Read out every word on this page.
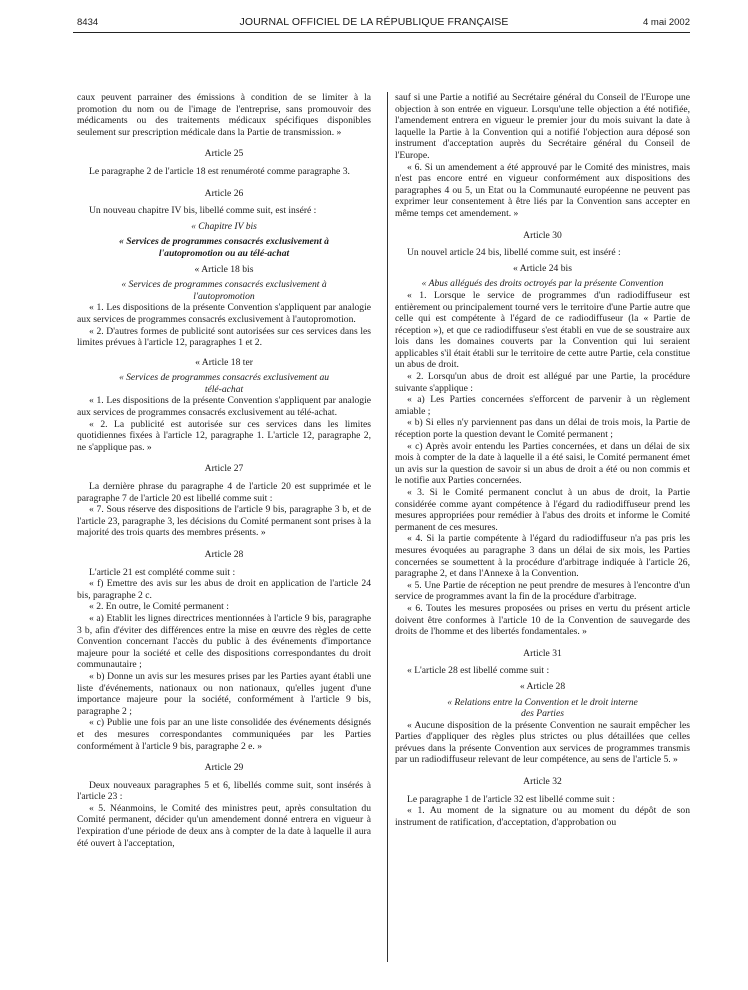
8434	JOURNAL OFFICIEL DE LA RÉPUBLIQUE FRANÇAISE	4 mai 2002

caux peuvent parrainer des émissions à condition de se limiter à la promotion du nom ou de l'image de l'entreprise, sans promouvoir des médicaments ou des traitements médicaux spécifiques disponibles seulement sur prescription médicale dans la Partie de transmission. »

Article 25

Le paragraphe 2 de l'article 18 est renuméroté comme paragraphe 3.

Article 26

Un nouveau chapitre IV bis, libellé comme suit, est inséré :

« Chapitre IV bis
« Services de programmes consacrés exclusivement à l'autopromotion ou au télé-achat
« Article 18 bis
« Services de programmes consacrés exclusivement à l'autopromotion

« 1. Les dispositions de la présente Convention s'appliquent par analogie aux services de programmes consacrés exclusivement à l'autopromotion.

« 2. D'autres formes de publicité sont autorisées sur ces services dans les limites prévues à l'article 12, paragraphes 1 et 2.

« Article 18 ter
« Services de programmes consacrés exclusivement au télé-achat

« 1. Les dispositions de la présente Convention s'appliquent par analogie aux services de programmes consacrés exclusivement au télé-achat.

« 2. La publicité est autorisée sur ces services dans les limites quotidiennes fixées à l'article 12, paragraphe 1. L'article 12, paragraphe 2, ne s'applique pas. »

Article 27

La dernière phrase du paragraphe 4 de l'article 20 est supprimée et le paragraphe 7 de l'article 20 est libellé comme suit :

« 7. Sous réserve des dispositions de l'article 9 bis, paragraphe 3 b, et de l'article 23, paragraphe 3, les décisions du Comité permanent sont prises à la majorité des trois quarts des membres présents. »

Article 28

L'article 21 est complété comme suit :

« f) Emettre des avis sur les abus de droit en application de l'article 24 bis, paragraphe 2 c.

« 2. En outre, le Comité permanent :

« a) Etablit les lignes directrices mentionnées à l'article 9 bis, paragraphe 3 b, afin d'éviter des différences entre la mise en œuvre des règles de cette Convention concernant l'accès du public à des événements d'importance majeure pour la société et celle des dispositions correspondantes du droit communautaire ;

« b) Donne un avis sur les mesures prises par les Parties ayant établi une liste d'événements, nationaux ou non nationaux, qu'elles jugent d'une importance majeure pour la société, conformément à l'article 9 bis, paragraphe 2 ;

« c) Publie une fois par an une liste consolidée des événements désignés et des mesures correspondantes communiquées par les Parties conformément à l'article 9 bis, paragraphe 2 e. »

Article 29

Deux nouveaux paragraphes 5 et 6, libellés comme suit, sont insérés à l'article 23 :

« 5. Néanmoins, le Comité des ministres peut, après consultation du Comité permanent, décider qu'un amendement donné entrera en vigueur à l'expiration d'une période de deux ans à compter de la date à laquelle il aura été ouvert à l'acceptation,

sauf si une Partie a notifié au Secrétaire général du Conseil de l'Europe une objection à son entrée en vigueur. Lorsqu'une telle objection a été notifiée, l'amendement entrera en vigueur le premier jour du mois suivant la date à laquelle la Partie à la Convention qui a notifié l'objection aura déposé son instrument d'acceptation auprès du Secrétaire général du Conseil de l'Europe.

« 6. Si un amendement a été approuvé par le Comité des ministres, mais n'est pas encore entré en vigueur conformément aux dispositions des paragraphes 4 ou 5, un Etat ou la Communauté européenne ne peuvent pas exprimer leur consentement à être liés par la Convention sans accepter en même temps cet amendement. »

Article 30

Un nouvel article 24 bis, libellé comme suit, est inséré :

« Article 24 bis
« Abus allégués des droits octroyés par la présente Convention

« 1. Lorsque le service de programmes d'un radiodiffuseur est entièrement ou principalement tourné vers le territoire d'une Partie autre que celle qui est compétente à l'égard de ce radiodiffuseur (la « Partie de réception »), et que ce radiodiffuseur s'est établi en vue de se soustraire aux lois dans les domaines couverts par la Convention qui lui seraient applicables s'il était établi sur le territoire de cette autre Partie, cela constitue un abus de droit.

« 2. Lorsqu'un abus de droit est allégué par une Partie, la procédure suivante s'applique :

« a) Les Parties concernées s'efforcent de parvenir à un règlement amiable ;

« b) Si elles n'y parviennent pas dans un délai de trois mois, la Partie de réception porte la question devant le Comité permanent ;

« c) Après avoir entendu les Parties concernées, et dans un délai de six mois à compter de la date à laquelle il a été saisi, le Comité permanent émet un avis sur la question de savoir si un abus de droit a été ou non commis et le notifie aux Parties concernées.

« 3. Si le Comité permanent conclut à un abus de droit, la Partie considérée comme ayant compétence à l'égard du radiodiffuseur prend les mesures appropriées pour remédier à l'abus des droits et informe le Comité permanent de ces mesures.

« 4. Si la partie compétente à l'égard du radiodiffuseur n'a pas pris les mesures évoquées au paragraphe 3 dans un délai de six mois, les Parties concernées se soumettent à la procédure d'arbitrage indiquée à l'article 26, paragraphe 2, et dans l'Annexe à la Convention.

« 5. Une Partie de réception ne peut prendre de mesures à l'encontre d'un service de programmes avant la fin de la procédure d'arbitrage.

« 6. Toutes les mesures proposées ou prises en vertu du présent article doivent être conformes à l'article 10 de la Convention de sauvegarde des droits de l'homme et des libertés fondamentales. »

Article 31

« L'article 28 est libellé comme suit :

« Article 28
« Relations entre la Convention et le droit interne des Parties

« Aucune disposition de la présente Convention ne saurait empêcher les Parties d'appliquer des règles plus strictes ou plus détaillées que celles prévues dans la présente Convention aux services de programmes transmis par un radiodiffuseur relevant de leur compétence, au sens de l'article 5. »

Article 32

Le paragraphe 1 de l'article 32 est libellé comme suit :

« 1. Au moment de la signature ou au moment du dépôt de son instrument de ratification, d'acceptation, d'approbation ou
